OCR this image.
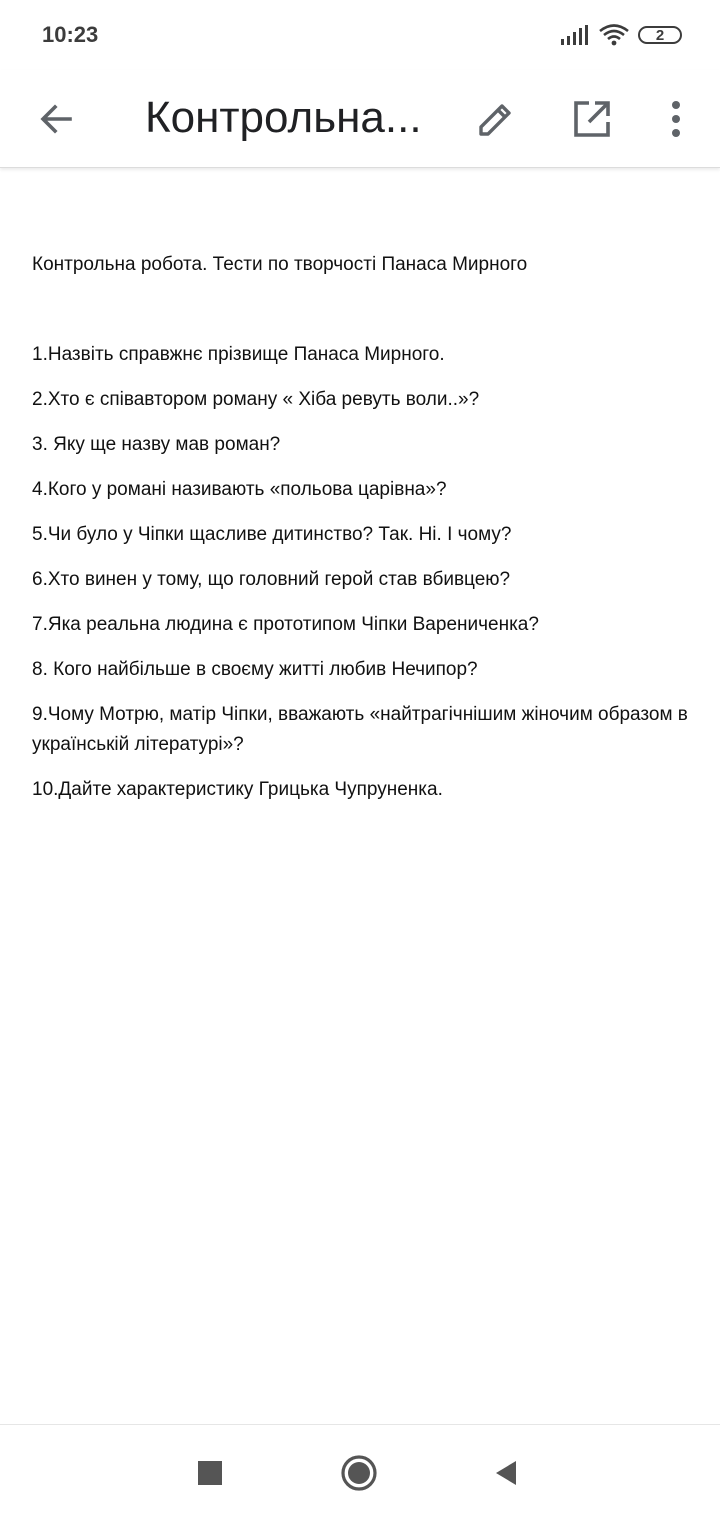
10:23	2
Контрольна...

Контрольна робота. Тести по творчості Панаса Мирного

1.Назвіть справжнє прізвище Панаса Мирного.

2.Хто є співавтором роману « Хіба ревуть воли..»?

3. Яку ще назву мав роман?

4.Кого у романі називають «польова царівна»?

5.Чи було у Чіпки щасливе дитинство? Так. Ні. І чому?

6.Хто винен у тому, що головний герой став вбивцею?

7.Яка реальна людина є прототипом Чіпки Варениченка?

8. Кого найбільше в своєму житті любив Нечипор?

9.Чому Мотрю, матір Чіпки, вважають «найтрагічнішим жіночим образом в українській літературі»?

10.Дайте характеристику Грицька Чупруненка.
